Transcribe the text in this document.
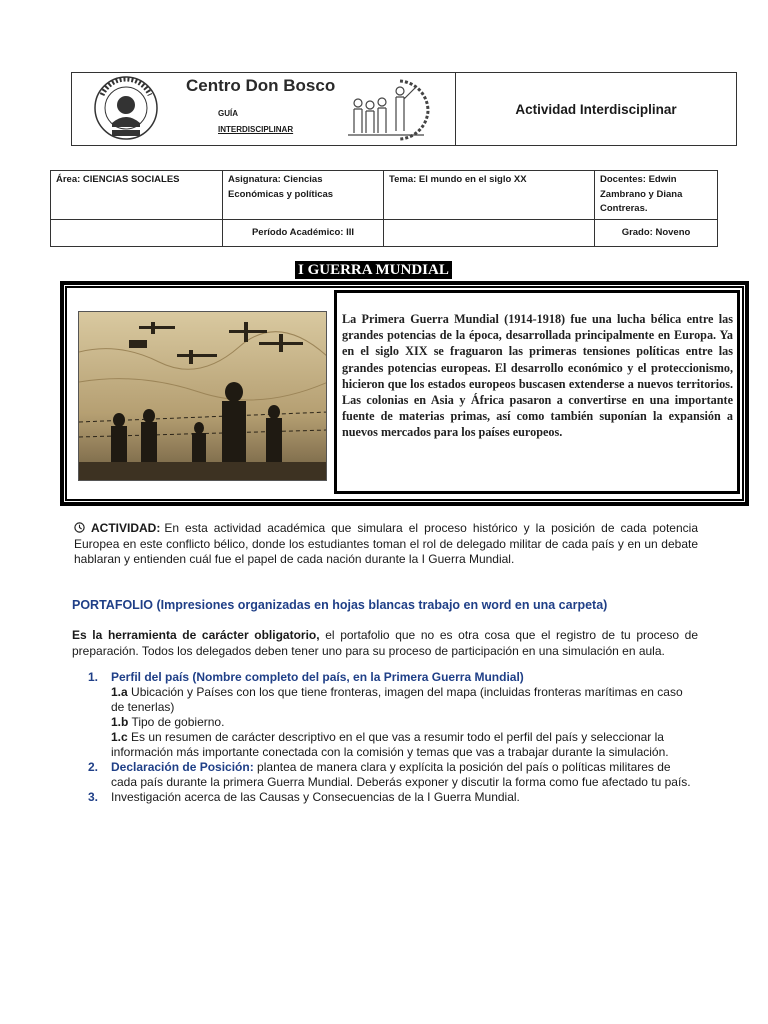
Centro Don Bosco
GUÍA
INTERDISCIPLINAR
Actividad Interdisciplinar
Área: CIENCIAS SOCIALES	Asignatura: Ciencias Económicas y políticas	Tema: El mundo en el siglo XX	Docentes: Edwin Zambrano y Diana Contreras.
	Período Académico: III		Grado: Noveno
I GUERRA MUNDIAL
La Primera Guerra Mundial (1914-1918) fue una lucha bélica entre las grandes potencias de la época, desarrollada principalmente en Europa. Ya en el siglo XIX se fraguaron las primeras tensiones políticas entre las grandes potencias europeas. El desarrollo económico y el proteccionismo, hicieron que los estados europeos buscasen extenderse a nuevos territorios. Las colonias en Asia y África pasaron a convertirse en una importante fuente de materias primas, así como también suponían la expansión a nuevos mercados para los países europeos.
ACTIVIDAD: En esta actividad académica que simulara el proceso histórico y la posición de cada potencia Europea en este conflicto bélico, donde los estudiantes toman el rol de delegado militar de cada país y en un debate hablaran y entienden cuál fue el papel de cada nación durante la I Guerra Mundial.
PORTAFOLIO (Impresiones organizadas en hojas blancas trabajo en word en una carpeta)
Es la herramienta de carácter obligatorio, el portafolio que no es otra cosa que el registro de tu proceso de preparación. Todos los delegados deben tener uno para su proceso de participación en una simulación en aula.
1. Perfil del país (Nombre completo del país, en la Primera Guerra Mundial)
1.a Ubicación y Países con los que tiene fronteras, imagen del mapa (incluidas fronteras marítimas en caso de tenerlas)
1.b Tipo de gobierno.
1.c Es un resumen de carácter descriptivo en el que vas a resumir todo el perfil del país y seleccionar la información más importante conectada con la comisión y temas que vas a trabajar durante la simulación.
2. Declaración de Posición: plantea de manera clara y explícita la posición del país o políticas militares de cada país durante la primera Guerra Mundial. Deberás exponer y discutir la forma como fue afectado tu país.
3. Investigación acerca de las Causas y Consecuencias de la I Guerra Mundial.
